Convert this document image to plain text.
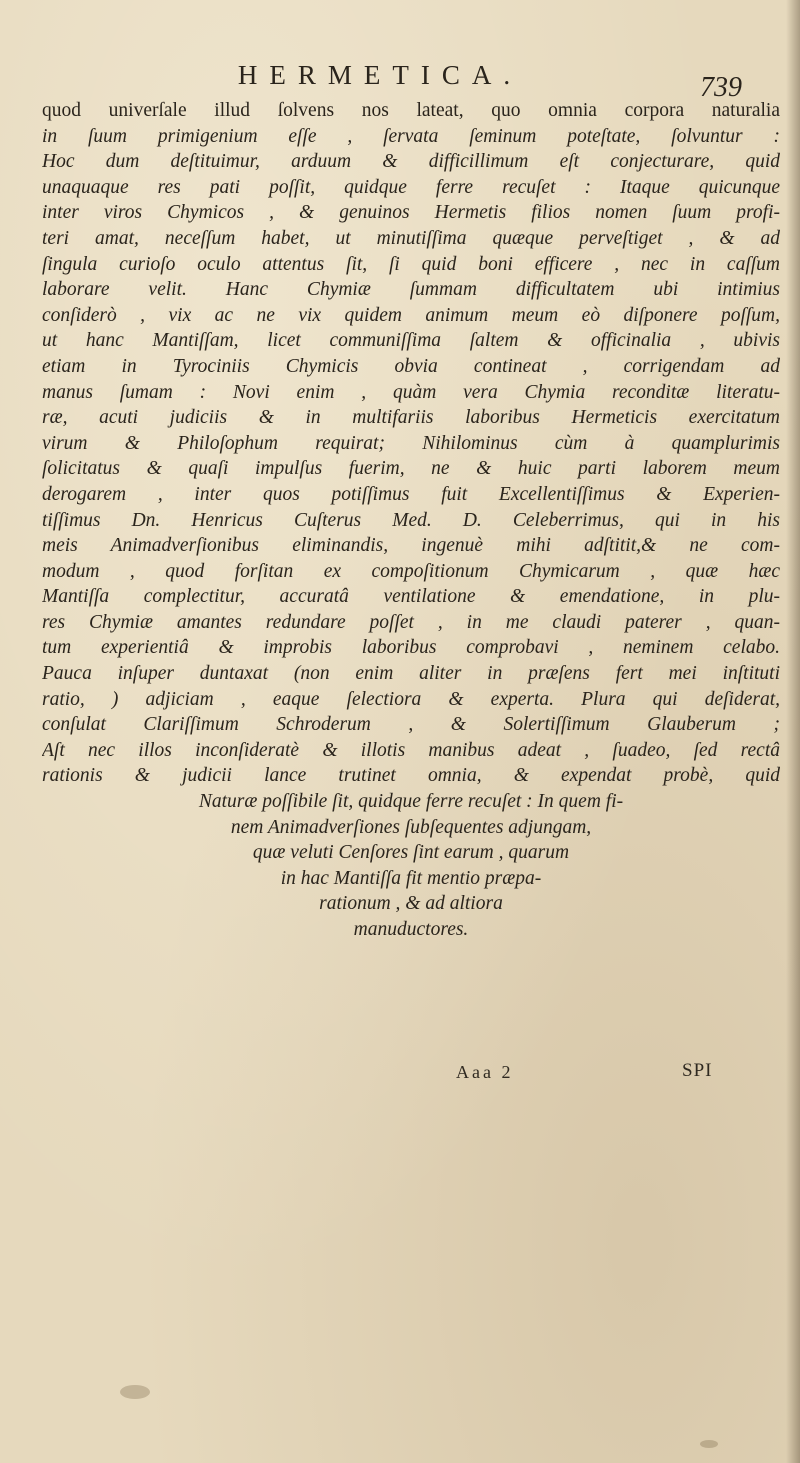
HERMETICA.	739
quod univerſale illud ſolvens nos lateat, quo omnia corpora naturalia
in ſuum primigenium eſſe , ſervata ſeminum poteſtate, ſolvuntur :
Hoc dum deſtituimur, arduum & difficillimum eſt conjecturare, quid
unaquaque res pati poſſit, quidque ferre recuſet : Itaque quicunque
inter viros Chymicos , & genuinos Hermetis filios nomen ſuum profi-
teri amat, neceſſum habet, ut minutiſſima quæque perveſtiget , & ad
ſingula curioſo oculo attentus ſit, ſi quid boni efficere , nec in caſſum
laborare velit. Hanc Chymiæ ſummam difficultatem ubi intimius
conſiderò , vix ac ne vix quidem animum meum eò diſponere poſſum,
ut hanc Mantiſſam, licet communiſſima ſaltem & officinalia , ubivis
etiam in Tyrociniis Chymicis obvia contineat , corrigendam ad
manus ſumam : Novi enim , quàm vera Chymia reconditæ literatu-
ræ, acuti judiciis & in multifariis laboribus Hermeticis exercitatum
virum & Philoſophum requirat; Nihilominus cùm à quamplurimis
ſolicitatus & quaſi impulſus fuerim, ne & huic parti laborem meum
derogarem , inter quos potiſſimus fuit Excellentiſſimus & Experien-
tiſſimus Dn. Henricus Cuſterus Med. D. Celeberrimus, qui in his
meis Animadverſionibus eliminandis, ingenuè mihi adſtitit,& ne com-
modum , quod forſitan ex compoſitionum Chymicarum , quæ hæc
Mantiſſa complectitur, accuratâ ventilatione & emendatione, in plu-
res Chymiæ amantes redundare poſſet , in me claudi paterer , quan-
tum experientiâ & improbis laboribus comprobavi , neminem celabo.
Pauca inſuper duntaxat (non enim aliter in præſens fert mei inſtituti
ratio, ) adjiciam , eaque ſelectiora & experta. Plura qui deſiderat,
conſulat Clariſſimum Schroderum , & Solertiſſimum Glauberum ;
Aſt nec illos inconſideratè & illotis manibus adeat , ſuadeo, ſed rectâ
rationis & judicii lance trutinet omnia, & expendat probè, quid
Naturæ poſſibile ſit, quidque ferre recuſet : In quem fi-
nem Animadverſiones ſubſequentes adjungam,
quæ veluti Cenſores ſint earum , quarum
in hac Mantiſſa fit mentio præpa-
rationum , & ad altiora
manuductores.
Aaa 2	SPI
